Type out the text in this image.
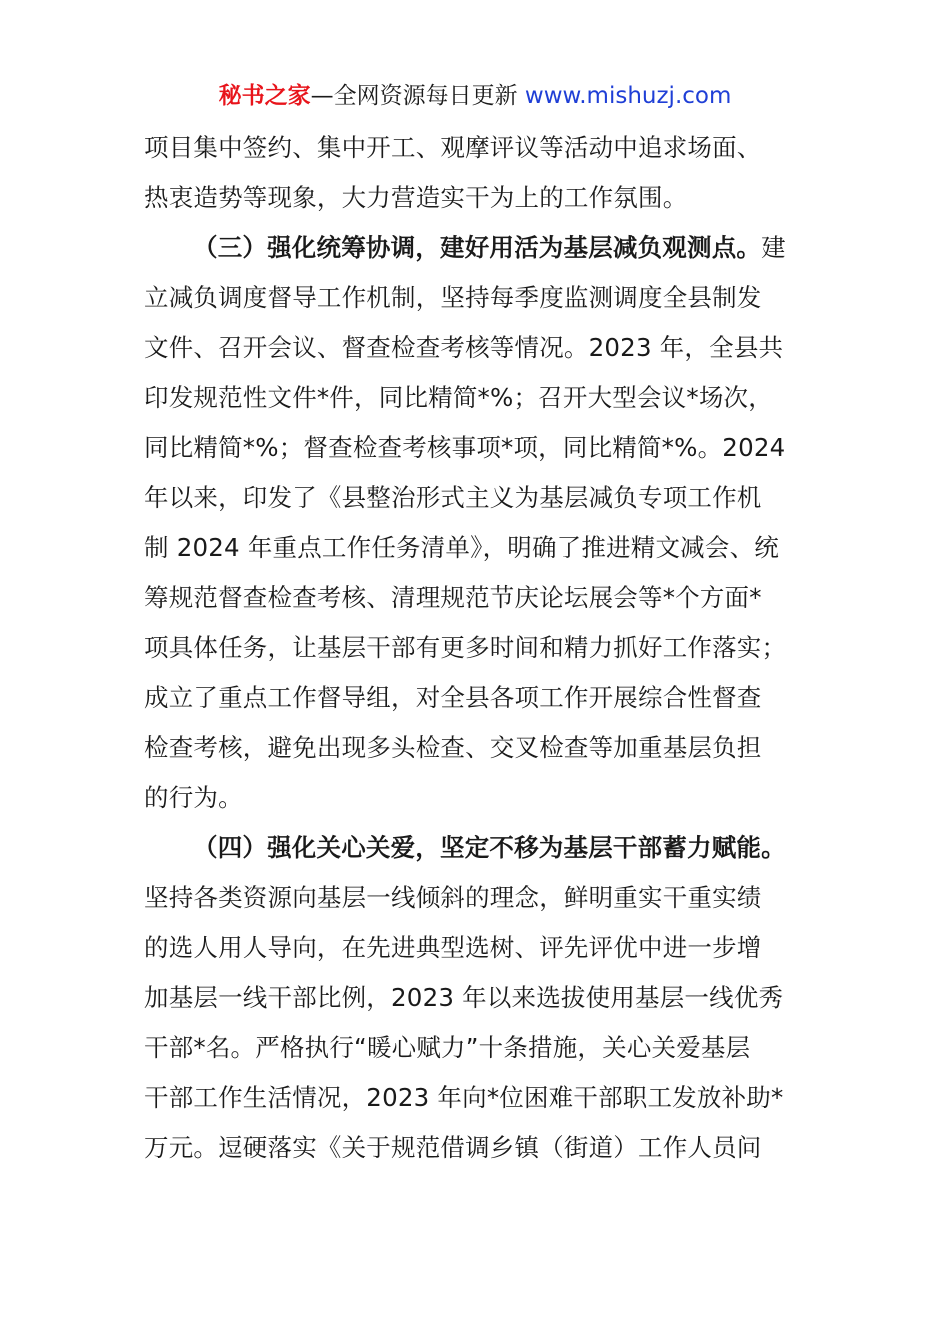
秘书之家—全网资源每日更新 www.mishuzj.com
项目集中签约、集中开工、观摩评议等活动中追求场面、
热衷造势等现象，大力营造实干为上的工作氛围。
（三）强化统筹协调，建好用活为基层减负观测点。建
立减负调度督导工作机制，坚持每季度监测调度全县制发
文件、召开会议、督查检查考核等情况。2023 年，全县共
印发规范性文件*件，同比精简*%；召开大型会议*场次，
同比精简*%；督查检查考核事项*项，同比精简*%。2024
年以来，印发了《县整治形式主义为基层减负专项工作机
制 2024 年重点工作任务清单》，明确了推进精文减会、统
筹规范督查检查考核、清理规范节庆论坛展会等*个方面*
项具体任务，让基层干部有更多时间和精力抓好工作落实；
成立了重点工作督导组，对全县各项工作开展综合性督查
检查考核，避免出现多头检查、交叉检查等加重基层负担
的行为。
（四）强化关心关爱，坚定不移为基层干部蓄力赋能。
坚持各类资源向基层一线倾斜的理念，鲜明重实干重实绩
的选人用人导向，在先进典型选树、评先评优中进一步增
加基层一线干部比例，2023 年以来选拔使用基层一线优秀
干部*名。严格执行“暖心赋力”十条措施，关心关爱基层
干部工作生活情况，2023 年向*位困难干部职工发放补助*
万元。逗硬落实《关于规范借调乡镇（街道）工作人员问
